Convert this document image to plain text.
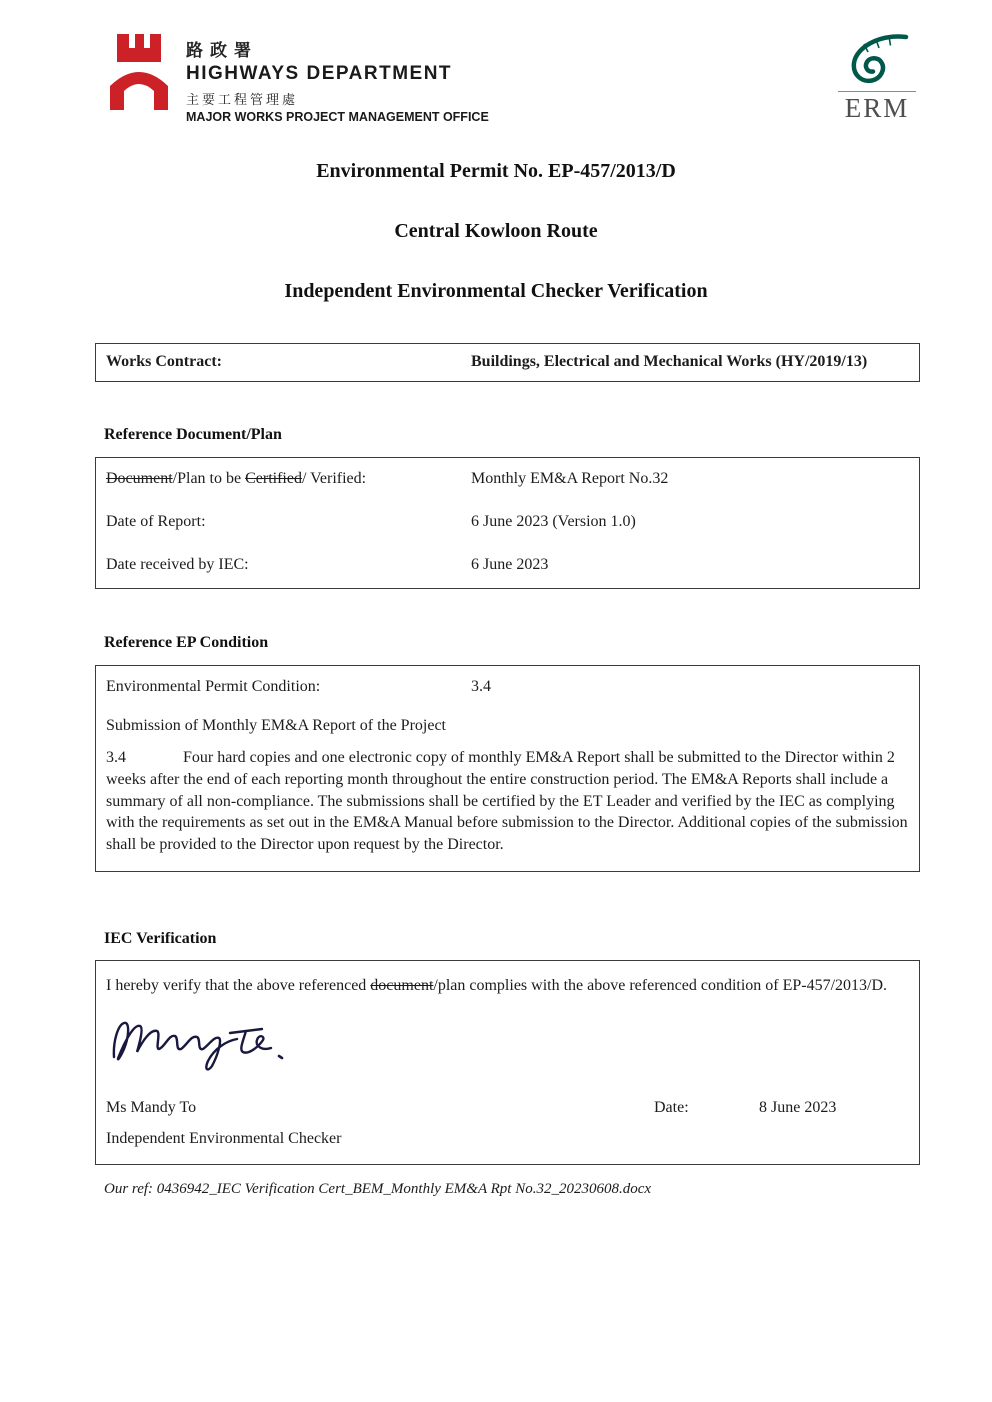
路政署
HIGHWAYS DEPARTMENT
主要工程管理處
MAJOR WORKS PROJECT MANAGEMENT OFFICE	ERM
Environmental Permit No. EP-457/2013/D
Central Kowloon Route
Independent Environmental Checker Verification
Works Contract:	Buildings, Electrical and Mechanical Works (HY/2019/13)
Reference Document/Plan
Document/Plan to be Certified/ Verified:	Monthly EM&A Report No.32
Date of Report:	6 June 2023 (Version 1.0)
Date received by IEC:	6 June 2023
Reference EP Condition
Environmental Permit Condition:	3.4
Submission of Monthly EM&A Report of the Project
3.4	Four hard copies and one electronic copy of monthly EM&A Report shall be submitted to the Director within 2 weeks after the end of each reporting month throughout the entire construction period. The EM&A Reports shall include a summary of all non-compliance. The submissions shall be certified by the ET Leader and verified by the IEC as complying with the requirements as set out in the EM&A Manual before submission to the Director. Additional copies of the submission shall be provided to the Director upon request by the Director.
IEC Verification
I hereby verify that the above referenced document/plan complies with the above referenced condition of EP-457/2013/D.
Ms Mandy To	Date:	8 June 2023
Independent Environmental Checker
Our ref: 0436942_IEC Verification Cert_BEM_Monthly EM&A Rpt No.32_20230608.docx
